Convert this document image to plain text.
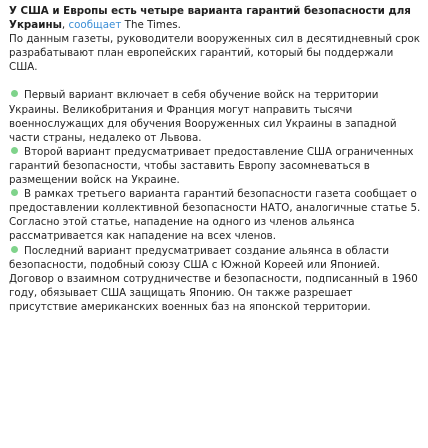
У США и Европы есть четыре варианта гарантий безопасности для Украины, сообщает The Times.

По данным газеты, руководители вооруженных сил в десятидневный срок разрабатывают план европейских гарантий, который бы поддержали США.

Первый вариант включает в себя обучение войск на территории Украины. Великобритания и Франция могут направить тысячи военнослужащих для обучения Вооруженных сил Украины в западной части страны, недалеко от Львова.

Второй вариант предусматривает предоставление США ограниченных гарантий безопасности, чтобы заставить Европу засомневаться в размещении войск на Украине.

В рамках третьего варианта гарантий безопасности газета сообщает о предоставлении коллективной безопасности НАТО, аналогичные статье 5. Согласно этой статье, нападение на одного из членов альянса рассматривается как нападение на всех членов.

Последний вариант предусматривает создание альянса в области безопасности, подобный союзу США с Южной Кореей или Японией. Договор о взаимном сотрудничестве и безопасности, подписанный в 1960 году, обязывает США защищать Японию. Он также разрешает присутствие американских военных баз на японской территории.
